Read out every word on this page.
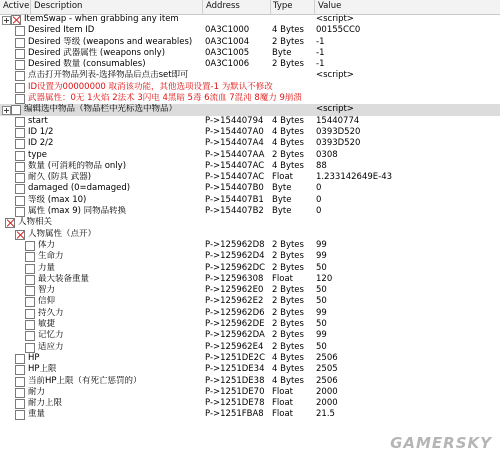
Active Description	Address	Type	Value
ItemSwap - when grabbing any item	<script>
Desired Item ID	0A3C1000	4 Bytes	00155CC0
Desired 等级 (weapons and wearables)	0A3C1004	2 Bytes	-1
Desired 武器属性 (weapons only)	0A3C1005	Byte	-1
Desired 数量 (consumables)	0A3C1006	2 Bytes	-1
点击打开物品列表-选择物品后点击set即可	<script>
ID设置为00000000 取消该功能，其他选项设置-1 为默认不修改
武器属性：0无 1火焰 2法术 3闪电 4黑暗 5毒 6流血 7混沌 8魔力 9崩溃
编辑选中物品（物品栏中光标选中物品）	<script>
start	P->15440794	4 Bytes	15440774
ID 1/2	P->154407A0 4 Bytes	0393D520
ID 2/2	P->154407A4 4 Bytes	0393D520
type	P->154407AA 2 Bytes	0308
数量 (可消耗的物品 only)	P->154407AC 4 Bytes	88
耐久 (防具 武器)	P->154407AC Float	1.233142649E-43
damaged (0=damaged)	P->154407B0 Byte	0
等级 (max 10)	P->154407B1 Byte	0
属性 (max 9) 同物品转换	P->154407B2 Byte	0
人物相关
人物属性（点开）
体力	P->125962D8 2 Bytes	99
生命力	P->125962D4 2 Bytes	99
力量	P->125962DC 2 Bytes	50
最大装备重量	P->12596308	Float	120
智力	P->125962E0	2 Bytes	50
信仰	P->125962E2	2 Bytes	50
持久力	P->125962D6 2 Bytes	99
敏捷	P->125962DE 2 Bytes	50
记忆力	P->125962DA 2 Bytes	99
适应力	P->125962E4	2 Bytes	50
HP	P->1251DE2C 4 Bytes	2506
HP上限	P->1251DE34 4 Bytes	2505
当前HP上限（有死亡惩罚的）	P->1251DE38 4 Bytes	2506
耐力	P->1251DE70 Float	2000
耐力上限	P->1251DE78 Float	2000
重量	P->1251FBA8 Float	21.5
GAMERSKY
